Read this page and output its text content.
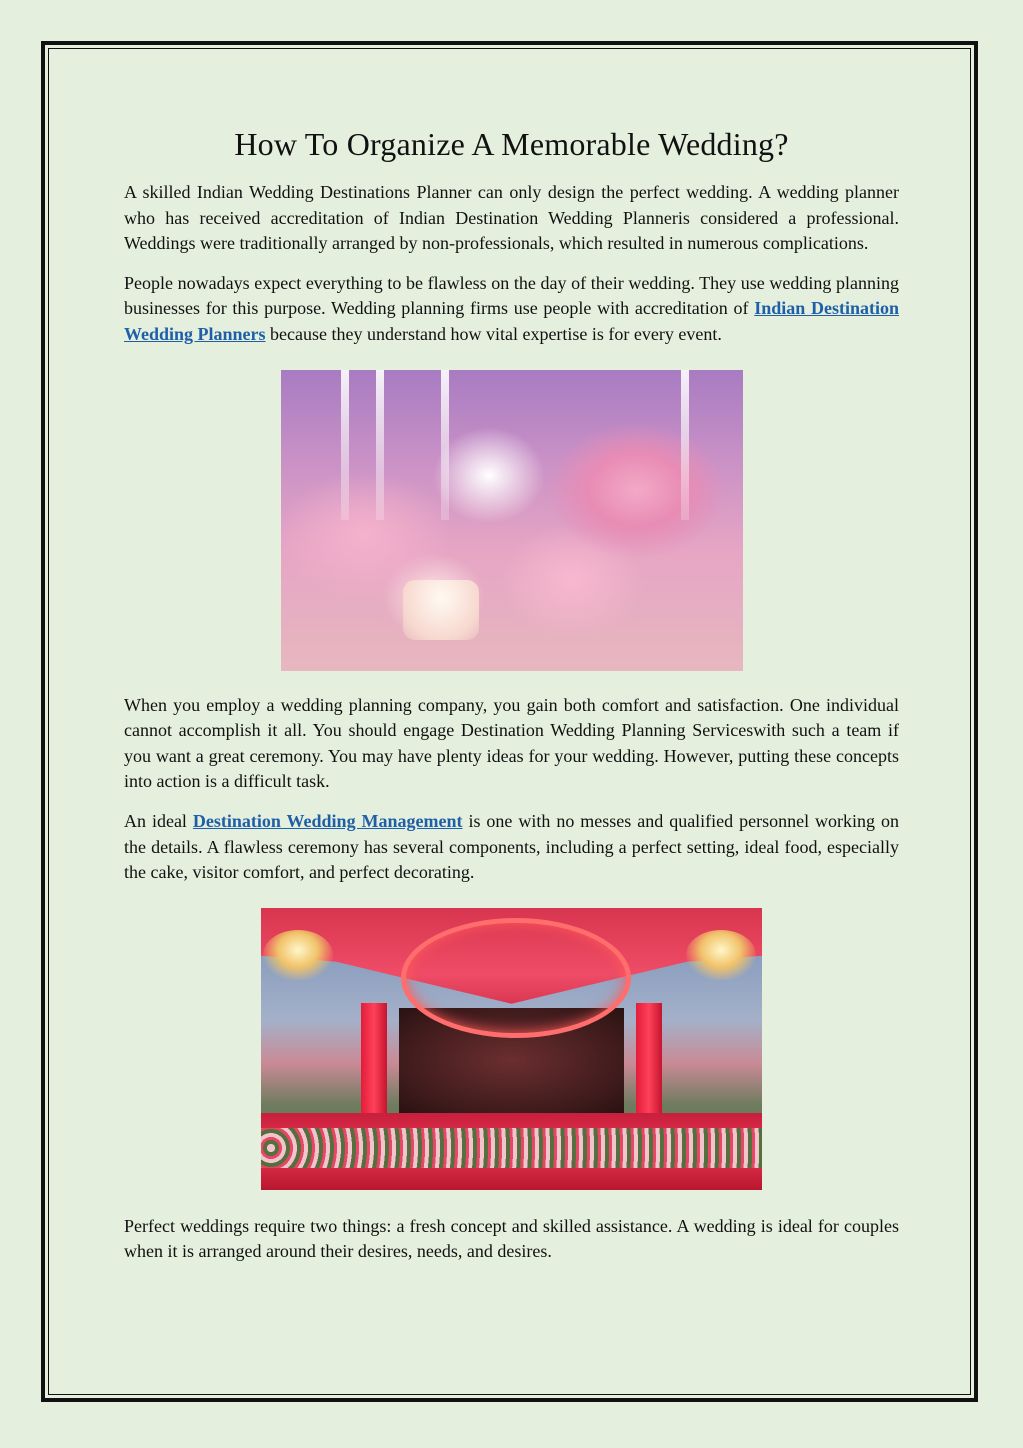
How To Organize A Memorable Wedding?

A skilled Indian Wedding Destinations Planner can only design the perfect wedding. A wedding planner who has received accreditation of Indian Destination Wedding Planneris considered a professional. Weddings were traditionally arranged by non-professionals, which resulted in numerous complications.

People nowadays expect everything to be flawless on the day of their wedding. They use wedding planning businesses for this purpose. Wedding planning firms use people with accreditation of Indian Destination Wedding Planners because they understand how vital expertise is for every event.

When you employ a wedding planning company, you gain both comfort and satisfaction. One individual cannot accomplish it all. You should engage Destination Wedding Planning Serviceswith such a team if you want a great ceremony. You may have plenty ideas for your wedding. However, putting these concepts into action is a difficult task.

An ideal Destination Wedding Management is one with no messes and qualified personnel working on the details. A flawless ceremony has several components, including a perfect setting, ideal food, especially the cake, visitor comfort, and perfect decorating.

Perfect weddings require two things: a fresh concept and skilled assistance. A wedding is ideal for couples when it is arranged around their desires, needs, and desires.
